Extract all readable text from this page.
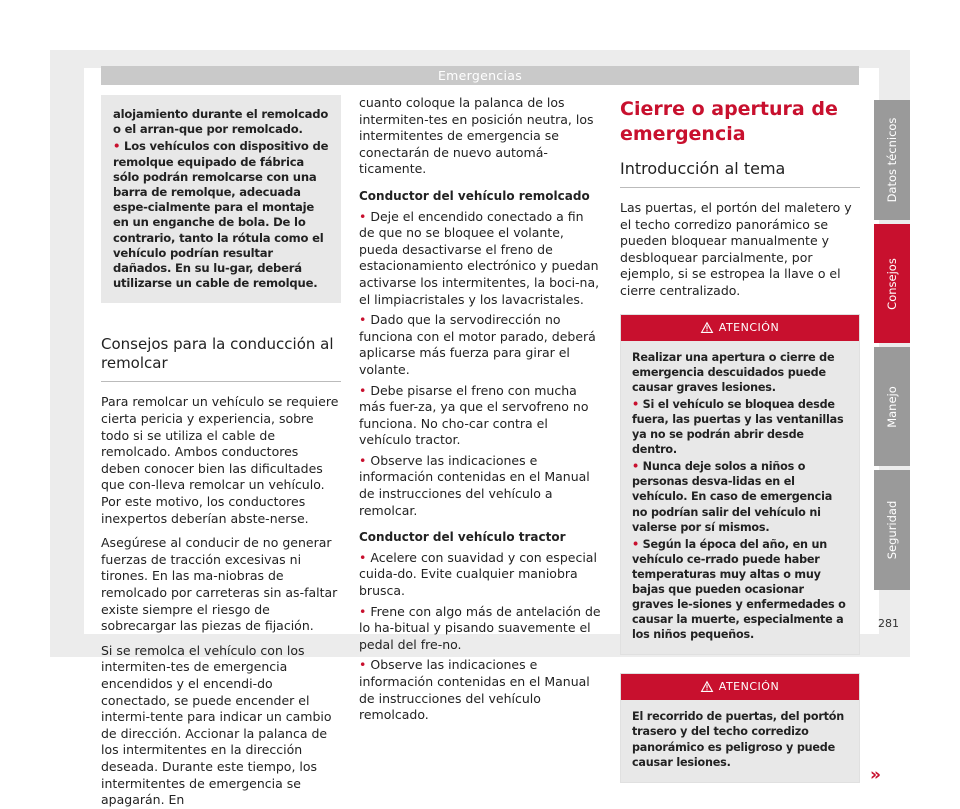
Emergencias

alojamiento durante el remolcado o el arran-que por remolcado.

• Los vehículos con dispositivo de remolque equipado de fábrica sólo podrán remolcarse con una barra de remolque, adecuada espe-cialmente para el montaje en un enganche de bola. De lo contrario, tanto la rótula como el vehículo podrían resultar dañados. En su lu-gar, deberá utilizarse un cable de remolque.

Consejos para la conducción al remolcar

Para remolcar un vehículo se requiere cierta pericia y experiencia, sobre todo si se utiliza el cable de remolcado. Ambos conductores deben conocer bien las dificultades que con-lleva remolcar un vehículo. Por este motivo, los conductores inexpertos deberían abste-nerse.

Asegúrese al conducir de no generar fuerzas de tracción excesivas ni tirones. En las ma-niobras de remolcado por carreteras sin as-faltar existe siempre el riesgo de sobrecargar las piezas de fijación.

Si se remolca el vehículo con los intermiten-tes de emergencia encendidos y el encendi-do conectado, se puede encender el intermi-tente para indicar un cambio de dirección. Accionar la palanca de los intermitentes en la dirección deseada. Durante este tiempo, los intermitentes de emergencia se apagarán. En

cuanto coloque la palanca de los intermiten-tes en posición neutra, los intermitentes de emergencia se conectarán de nuevo automá-ticamente.

Conductor del vehículo remolcado

• Deje el encendido conectado a fin de que no se bloquee el volante, pueda desactivarse el freno de estacionamiento electrónico y puedan activarse los intermitentes, la boci-na, el limpiacristales y los lavacristales.

• Dado que la servodirección no funciona con el motor parado, deberá aplicarse más fuerza para girar el volante.

• Debe pisarse el freno con mucha más fuer-za, ya que el servofreno no funciona. No cho-car contra el vehículo tractor.

• Observe las indicaciones e información contenidas en el Manual de instrucciones del vehículo a remolcar.

Conductor del vehículo tractor

• Acelere con suavidad y con especial cuida-do. Evite cualquier maniobra brusca.

• Frene con algo más de antelación de lo ha-bitual y pisando suavemente el pedal del fre-no.

• Observe las indicaciones e información contenidas en el Manual de instrucciones del vehículo remolcado.

Cierre o apertura de emergencia
Introducción al tema

Las puertas, el portón del maletero y el techo corredizo panorámico se pueden bloquear manualmente y desbloquear parcialmente, por ejemplo, si se estropea la llave o el cierre centralizado.

ATENCIÓN

Realizar una apertura o cierre de emergencia descuidados puede causar graves lesiones.

• Si el vehículo se bloquea desde fuera, las puertas y las ventanillas ya no se podrán abrir desde dentro.

• Nunca deje solos a niños o personas desva-lidas en el vehículo. En caso de emergencia no podrían salir del vehículo ni valerse por sí mismos.

• Según la época del año, en un vehículo ce-rrado puede haber temperaturas muy altas o muy bajas que pueden ocasionar graves le-siones y enfermedades o causar la muerte, especialmente a los niños pequeños.

ATENCIÓN

El recorrido de puertas, del portón trasero y del techo corredizo panorámico es peligroso y puede causar lesiones.

»
Datos técnicos
Consejos
Manejo
Seguridad
281
